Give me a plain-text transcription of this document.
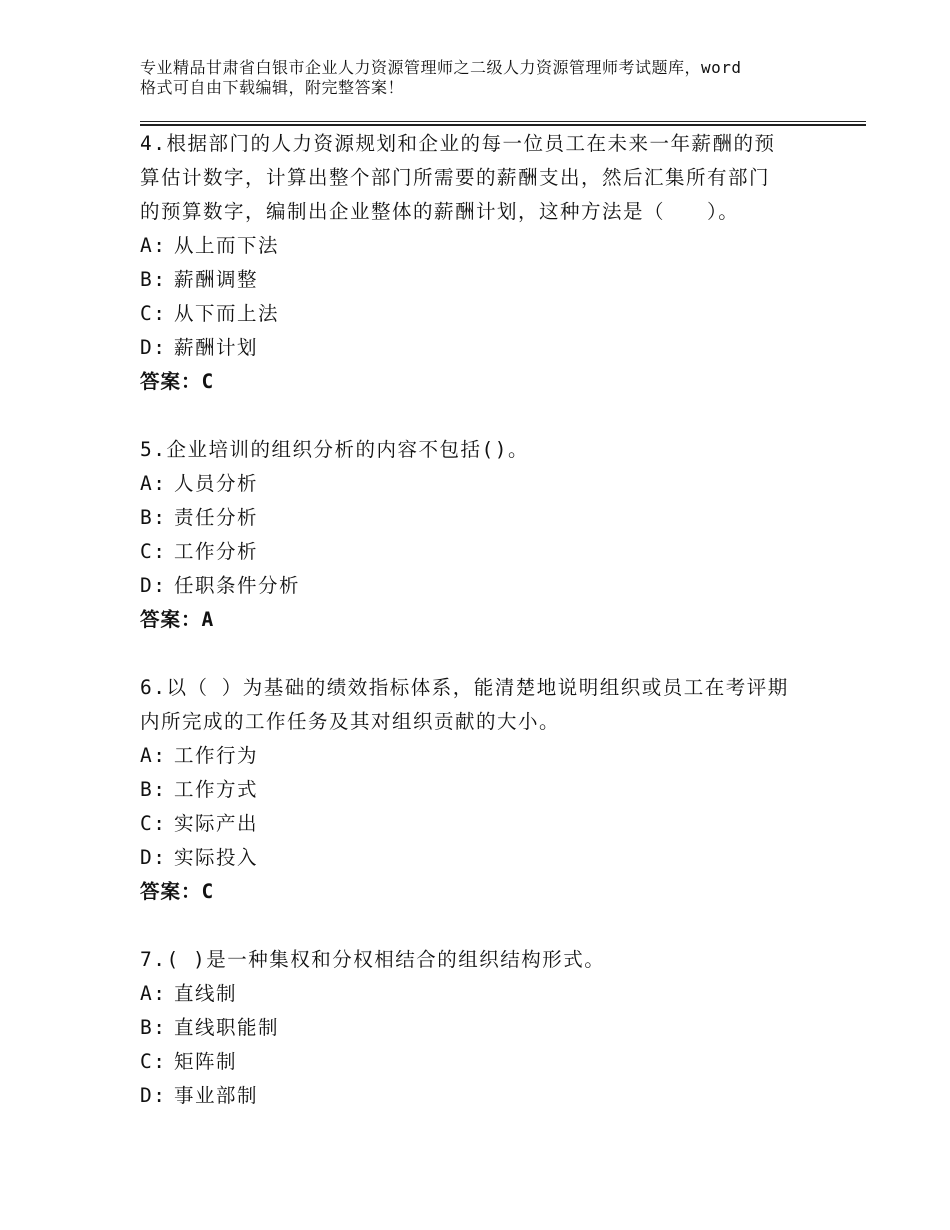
专业精品甘肃省白银市企业人力资源管理师之二级人力资源管理师考试题库，word
格式可自由下载编辑，附完整答案！
4.根据部门的人力资源规划和企业的每一位员工在未来一年薪酬的预
算估计数字，计算出整个部门所需要的薪酬支出，然后汇集所有部门
的预算数字，编制出企业整体的薪酬计划，这种方法是（　　）。
A: 从上而下法
B: 薪酬调整
C: 从下而上法
D: 薪酬计划
答案：C
5.企业培训的组织分析的内容不包括()。
A: 人员分析
B: 责任分析
C: 工作分析
D: 任职条件分析
答案：A
6.以（ ）为基础的绩效指标体系，能清楚地说明组织或员工在考评期
内所完成的工作任务及其对组织贡献的大小。
A: 工作行为
B: 工作方式
C: 实际产出
D: 实际投入
答案：C
7.( )是一种集权和分权相结合的组织结构形式。
A: 直线制
B: 直线职能制
C: 矩阵制
D: 事业部制
